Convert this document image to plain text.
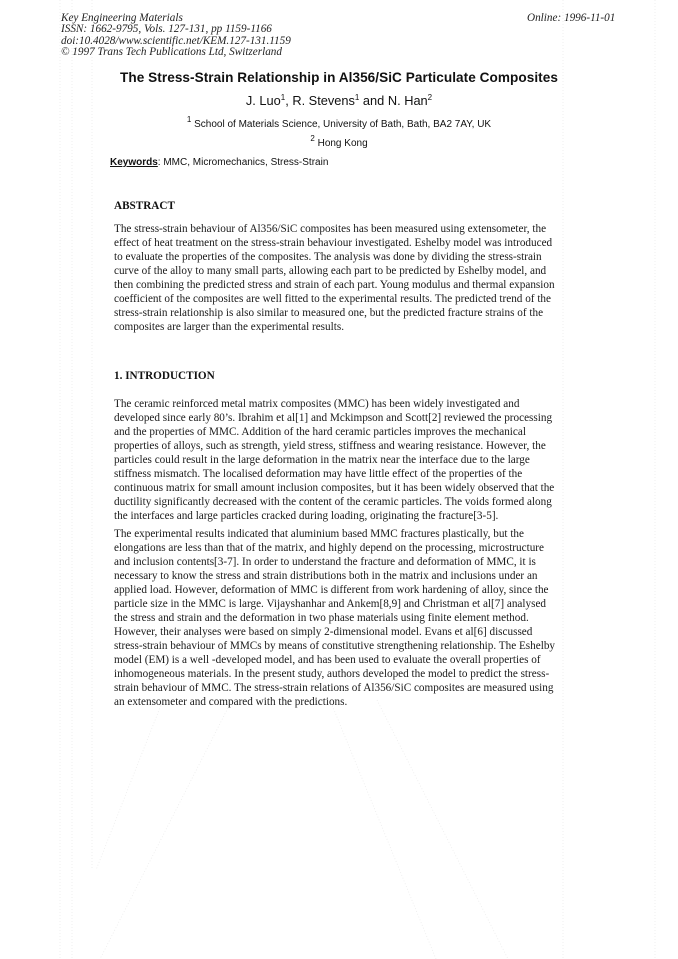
Key Engineering Materials
ISSN: 1662-9795, Vols. 127-131, pp 1159-1166
doi:10.4028/www.scientific.net/KEM.127-131.1159
© 1997 Trans Tech Publications Ltd, Switzerland
Online: 1996-11-01
The Stress-Strain Relationship in Al356/SiC Particulate Composites
J. Luo$^1$, R. Stevens$^1$ and N. Han$^2$
$^1$ School of Materials Science, University of Bath, Bath, BA2 7AY, UK
$^2$ Hong Kong
Keywords: MMC, Micromechanics, Stress-Strain
ABSTRACT
The stress-strain behaviour of Al356/SiC composites has been measured using extensometer, the
effect of heat treatment on the stress-strain behaviour investigated. Eshelby model was introduced
to evaluate the properties of the composites. The analysis was done by dividing the stress-strain
curve of the alloy to many small parts, allowing each part to be predicted by Eshelby model, and
then combining the predicted stress and strain of each part. Young modulus and thermal expansion
coefficient of the composites are well fitted to the experimental results. The predicted trend of the
stress-strain relationship is also similar to measured one, but the predicted fracture strains of the
composites are larger than the experimental results.
1. INTRODUCTION
The ceramic reinforced metal matrix composites (MMC) has been widely investigated and
developed since early 80’s. Ibrahim et al[1] and Mckimpson and Scott[2] reviewed the processing
and the properties of MMC. Addition of the hard ceramic particles improves the mechanical
properties of alloys, such as strength, yield stress, stiffness and wearing resistance. However, the
particles could result in the large deformation in the matrix near the interface due to the large
stiffness mismatch. The localised deformation may have little effect of the properties of the
continuous matrix for small amount inclusion composites, but it has been widely observed that the
ductility significantly decreased with the content of the ceramic particles. The voids formed along
the interfaces and large particles cracked during loading, originating the fracture[3-5].
The experimental results indicated that aluminium based MMC fractures plastically, but the
elongations are less than that of the matrix, and highly depend on the processing, microstructure
and inclusion contents[3-7]. In order to understand the fracture and deformation of MMC, it is
necessary to know the stress and strain distributions both in the matrix and inclusions under an
applied load. However, deformation of MMC is different from work hardening of alloy, since the
particle size in the MMC is large. Vijayshanhar and Ankem[8,9] and Christman et al[7] analysed
the stress and strain and the deformation in two phase materials using finite element method.
However, their analyses were based on simply 2-dimensional model. Evans et al[6] discussed
stress-strain behaviour of MMCs by means of constitutive strengthening relationship. The Eshelby
model (EM) is a well -developed model, and has been used to evaluate the overall properties of
inhomogeneous materials. In the present study, authors developed the model to predict the stress-
strain behaviour of MMC. The stress-strain relations of Al356/SiC composites are measured using
an extensometer and compared with the predictions.
